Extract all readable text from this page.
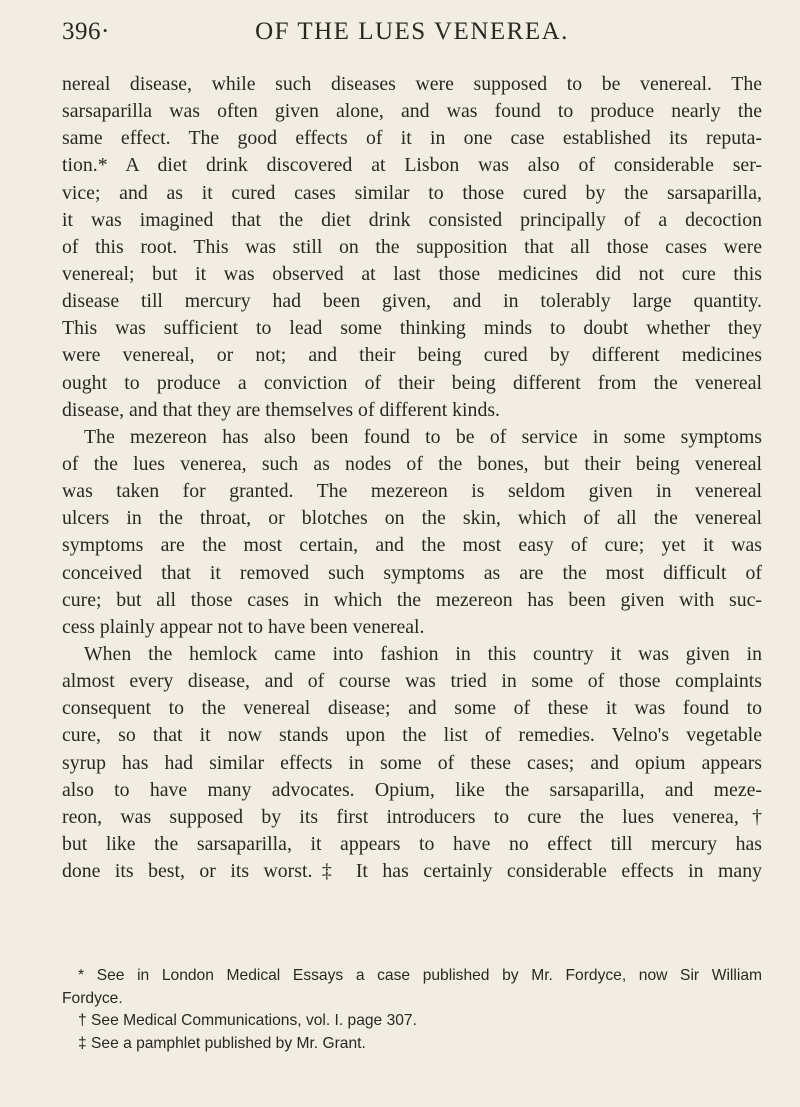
396·	OF THE LUES VENEREA.
nereal disease, while such diseases were supposed to be venereal. The
sarsaparilla was often given alone, and was found to produce nearly the
same effect. The good effects of it in one case established its reputa-
tion.* A diet drink discovered at Lisbon was also of considerable ser-
vice; and as it cured cases similar to those cured by the sarsaparilla,
it was imagined that the diet drink consisted principally of a decoction
of this root. This was still on the supposition that all those cases were
venereal; but it was observed at last those medicines did not cure this
disease till mercury had been given, and in tolerably large quantity.
This was sufficient to lead some thinking minds to doubt whether they
were venereal, or not; and their being cured by different medicines
ought to produce a conviction of their being different from the venereal
disease, and that they are themselves of different kinds.
The mezereon has also been found to be of service in some symptoms
of the lues venerea, such as nodes of the bones, but their being venereal
was taken for granted. The mezereon is seldom given in venereal
ulcers in the throat, or blotches on the skin, which of all the venereal
symptoms are the most certain, and the most easy of cure; yet it was
conceived that it removed such symptoms as are the most difficult of
cure; but all those cases in which the mezereon has been given with suc-
cess plainly appear not to have been venereal.
When the hemlock came into fashion in this country it was given in
almost every disease, and of course was tried in some of those complaints
consequent to the venereal disease; and some of these it was found to
cure, so that it now stands upon the list of remedies. Velno's vegetable
syrup has had similar effects in some of these cases; and opium appears
also to have many advocates. Opium, like the sarsaparilla, and meze-
reon, was supposed by its first introducers to cure the lues venerea,†
but like the sarsaparilla, it appears to have no effect till mercury has
done its best, or its worst.‡ It has certainly considerable effects in many
* See in London Medical Essays a case published by Mr. Fordyce, now Sir William
Fordyce.
† See Medical Communications, vol. I. page 307.
‡ See a pamphlet published by Mr. Grant.
